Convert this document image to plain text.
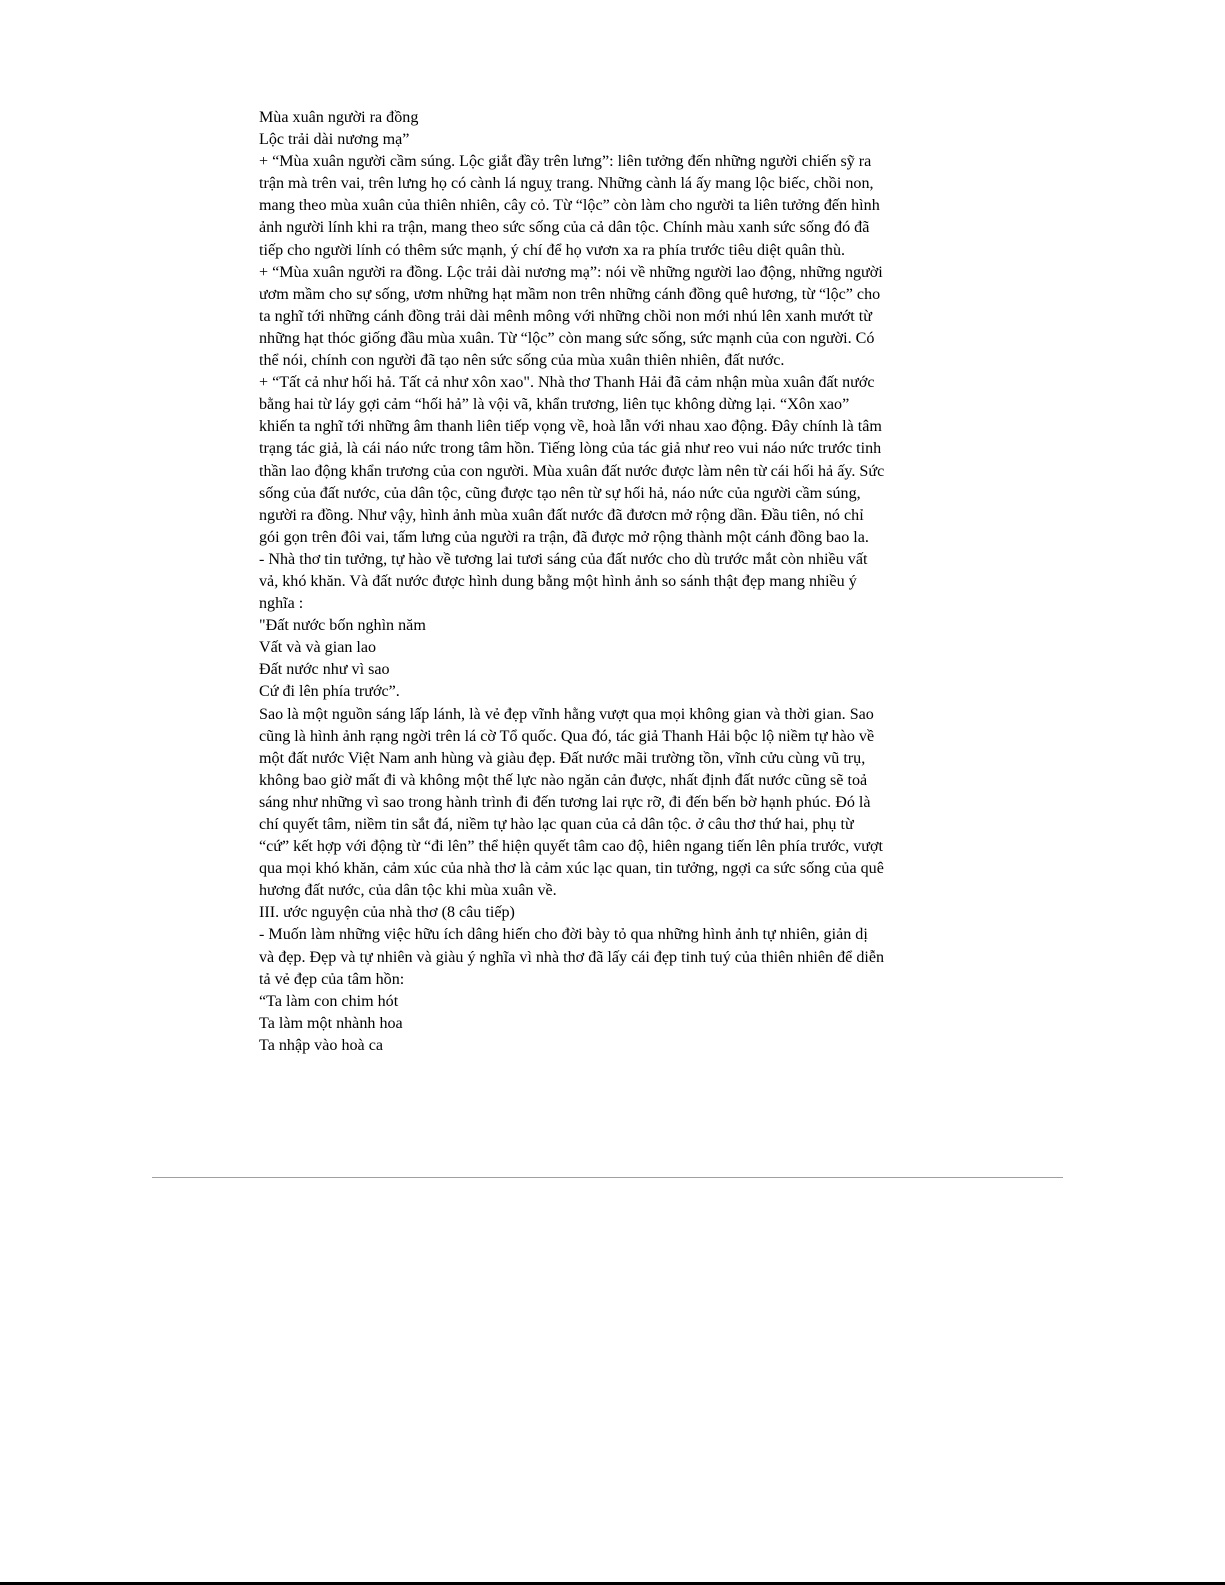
Mùa xuân người ra đồng
Lộc trải dài nương mạ”
+ “Mùa xuân người cầm súng. Lộc giắt đầy trên lưng”: liên tưởng đến những người chiến sỹ ra
trận mà trên vai, trên lưng họ có cành lá nguỵ trang. Những cành lá ấy mang lộc biếc, chồi non,
mang theo mùa xuân của thiên nhiên, cây cỏ. Từ “lộc” còn làm cho người ta liên tưởng đến hình
ảnh người lính khi ra trận, mang theo sức sống của cả dân tộc. Chính màu xanh sức sống đó đã
tiếp cho người lính có thêm sức mạnh, ý chí để họ vươn xa ra phía trước tiêu diệt quân thù.
+ “Mùa xuân người ra đồng. Lộc trải dài nương mạ”: nói về những người lao động, những người
ươm mầm cho sự sống, ươm những hạt mầm non trên những cánh đồng quê hương, từ “lộc” cho
ta nghĩ tới những cánh đồng trải dài mênh mông với những chồi non mới nhú lên xanh mướt từ
những hạt thóc giống đầu mùa xuân. Từ “lộc” còn mang sức sống, sức mạnh của con người. Có
thể nói, chính con người đã tạo nên sức sống của mùa xuân thiên nhiên, đất nước.
+ “Tất cả như hối hả. Tất cả như xôn xao". Nhà thơ Thanh Hải đã cảm nhận mùa xuân đất nước
bằng hai từ láy gợi cảm “hối hả” là vội vã, khẩn trương, liên tục không dừng lại. “Xôn xao”
khiến ta nghĩ tới những âm thanh liên tiếp vọng về, hoà lẫn với nhau xao động. Đây chính là tâm
trạng tác giả, là cái náo nức trong tâm hồn. Tiếng lòng của tác giả như reo vui náo nức trước tinh
thần lao động khẩn trương của con người. Mùa xuân đất nước được làm nên từ cái hối hả ấy. Sức
sống của đất nước, của dân tộc, cũng được tạo nên từ sự hối hả, náo nức của người cầm súng,
người ra đồng. Như vậy, hình ảnh mùa xuân đất nước đã đươcn mở rộng dần. Đầu tiên, nó chỉ
gói gọn trên đôi vai, tấm lưng của người ra trận, đã được mở rộng thành một cánh đồng bao la.
- Nhà thơ tin tưởng, tự hào về tương lai tươi sáng của đất nước cho dù trước mắt còn nhiều vất
vả, khó khăn. Và đất nước được hình dung bằng một hình ảnh so sánh thật đẹp mang nhiều ý
nghĩa :
"Đất nước bốn nghìn năm
Vất và và gian lao
Đất nước như vì sao
Cứ đi lên phía trước”.
Sao là một nguồn sáng lấp lánh, là vẻ đẹp vĩnh hằng vượt qua mọi không gian và thời gian. Sao
cũng là hình ảnh rạng ngời trên lá cờ Tổ quốc. Qua đó, tác giả Thanh Hải bộc lộ niềm tự hào về
một đất nước Việt Nam anh hùng và giàu đẹp. Đất nước mãi trường tồn, vĩnh cửu cùng vũ trụ,
không bao giờ mất đi và không một thế lực nào ngăn cản được, nhất định đất nước cũng sẽ toả
sáng như những vì sao trong hành trình đi đến tương lai rực rỡ, đi đến bến bờ hạnh phúc. Đó là
chí quyết tâm, niềm tin sắt đá, niềm tự hào lạc quan của cả dân tộc. ở câu thơ thứ hai, phụ từ
“cứ” kết hợp với động từ “đi lên” thể hiện quyết tâm cao độ, hiên ngang tiến lên phía trước, vượt
qua mọi khó khăn, cảm xúc của nhà thơ là cảm xúc lạc quan, tin tưởng, ngợi ca sức sống của quê
hương đất nước, của dân tộc khi mùa xuân về.
III. ước nguyện của nhà thơ (8 câu tiếp)
- Muốn làm những việc hữu ích dâng hiến cho đời bày tỏ qua những hình ảnh tự nhiên, giản dị
và đẹp. Đẹp và tự nhiên và giàu ý nghĩa vì nhà thơ đã lấy cái đẹp tinh tuý của thiên nhiên để diễn
tả vẻ đẹp của tâm hồn:
“Ta làm con chim hót
Ta làm một nhành hoa
Ta nhập vào hoà ca
